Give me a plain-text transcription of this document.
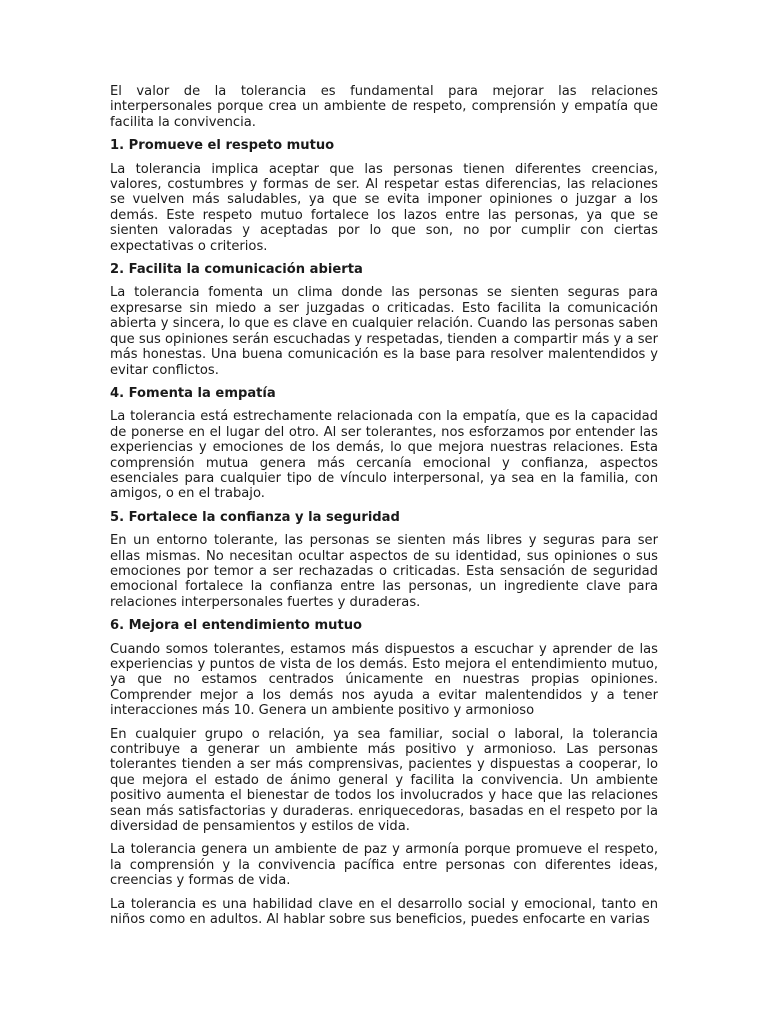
El valor de la tolerancia es fundamental para mejorar las relaciones interpersonales porque crea un ambiente de respeto, comprensión y empatía que facilita la convivencia.

1. Promueve el respeto mutuo

La tolerancia implica aceptar que las personas tienen diferentes creencias, valores, costumbres y formas de ser. Al respetar estas diferencias, las relaciones se vuelven más saludables, ya que se evita imponer opiniones o juzgar a los demás. Este respeto mutuo fortalece los lazos entre las personas, ya que se sienten valoradas y aceptadas por lo que son, no por cumplir con ciertas expectativas o criterios.

2. Facilita la comunicación abierta

La tolerancia fomenta un clima donde las personas se sienten seguras para expresarse sin miedo a ser juzgadas o criticadas. Esto facilita la comunicación abierta y sincera, lo que es clave en cualquier relación. Cuando las personas saben que sus opiniones serán escuchadas y respetadas, tienden a compartir más y a ser más honestas. Una buena comunicación es la base para resolver malentendidos y evitar conflictos.

4. Fomenta la empatía

La tolerancia está estrechamente relacionada con la empatía, que es la capacidad de ponerse en el lugar del otro. Al ser tolerantes, nos esforzamos por entender las experiencias y emociones de los demás, lo que mejora nuestras relaciones. Esta comprensión mutua genera más cercanía emocional y confianza, aspectos esenciales para cualquier tipo de vínculo interpersonal, ya sea en la familia, con amigos, o en el trabajo.

5. Fortalece la confianza y la seguridad

En un entorno tolerante, las personas se sienten más libres y seguras para ser ellas mismas. No necesitan ocultar aspectos de su identidad, sus opiniones o sus emociones por temor a ser rechazadas o criticadas. Esta sensación de seguridad emocional fortalece la confianza entre las personas, un ingrediente clave para relaciones interpersonales fuertes y duraderas.

6. Mejora el entendimiento mutuo

Cuando somos tolerantes, estamos más dispuestos a escuchar y aprender de las experiencias y puntos de vista de los demás. Esto mejora el entendimiento mutuo, ya que no estamos centrados únicamente en nuestras propias opiniones. Comprender mejor a los demás nos ayuda a evitar malentendidos y a tener interacciones más 10. Genera un ambiente positivo y armonioso

En cualquier grupo o relación, ya sea familiar, social o laboral, la tolerancia contribuye a generar un ambiente más positivo y armonioso. Las personas tolerantes tienden a ser más comprensivas, pacientes y dispuestas a cooperar, lo que mejora el estado de ánimo general y facilita la convivencia. Un ambiente positivo aumenta el bienestar de todos los involucrados y hace que las relaciones sean más satisfactorias y duraderas. enriquecedoras, basadas en el respeto por la diversidad de pensamientos y estilos de vida.

La tolerancia genera un ambiente de paz y armonía porque promueve el respeto, la comprensión y la convivencia pacífica entre personas con diferentes ideas, creencias y formas de vida.

La tolerancia es una habilidad clave en el desarrollo social y emocional, tanto en niños como en adultos. Al hablar sobre sus beneficios, puedes enfocarte en varias
